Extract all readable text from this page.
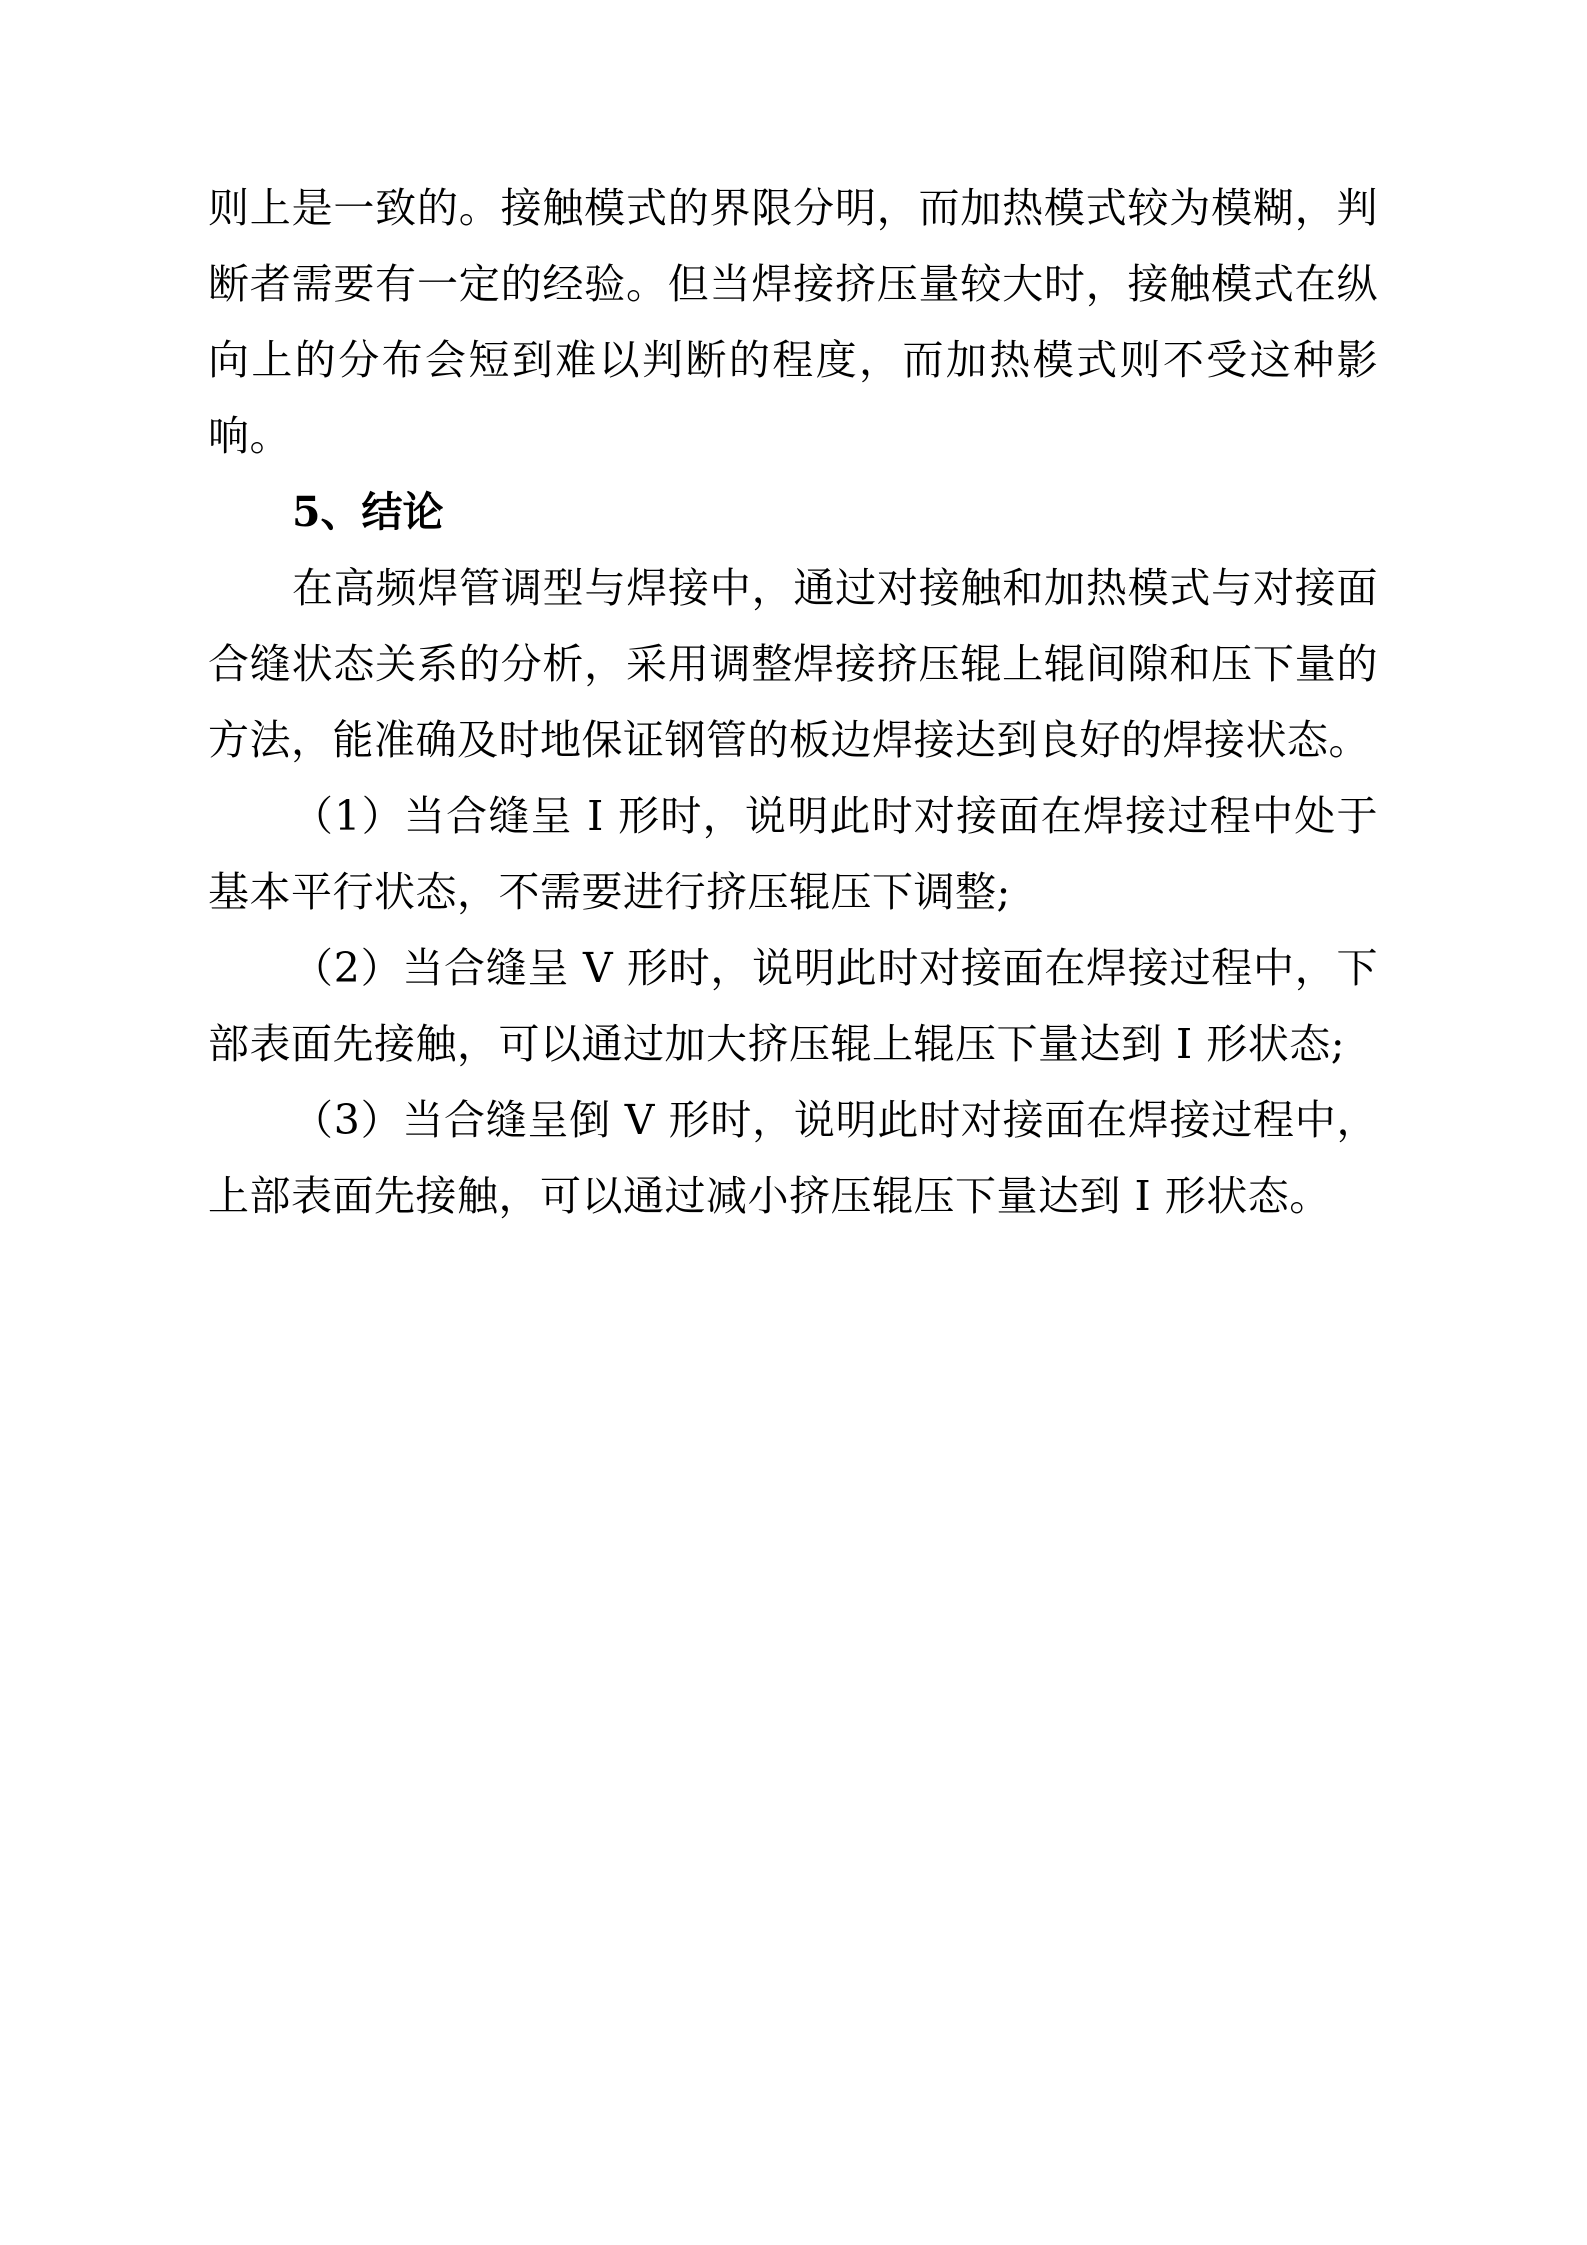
则上是一致的。接触模式的界限分明，而加热模式较为模糊，判断者需要有一定的经验。但当焊接挤压量较大时，接触模式在纵向上的分布会短到难以判断的程度，而加热模式则不受这种影响。

5、结论

在高频焊管调型与焊接中，通过对接触和加热模式与对接面合缝状态关系的分析，采用调整焊接挤压辊上辊间隙和压下量的方法，能准确及时地保证钢管的板边焊接达到良好的焊接状态。

（1）当合缝呈 I 形时，说明此时对接面在焊接过程中处于基本平行状态，不需要进行挤压辊压下调整;

（2）当合缝呈 V 形时，说明此时对接面在焊接过程中，下部表面先接触，可以通过加大挤压辊上辊压下量达到 I 形状态;

（3）当合缝呈倒 V 形时，说明此时对接面在焊接过程中，上部表面先接触，可以通过减小挤压辊压下量达到 I 形状态。
